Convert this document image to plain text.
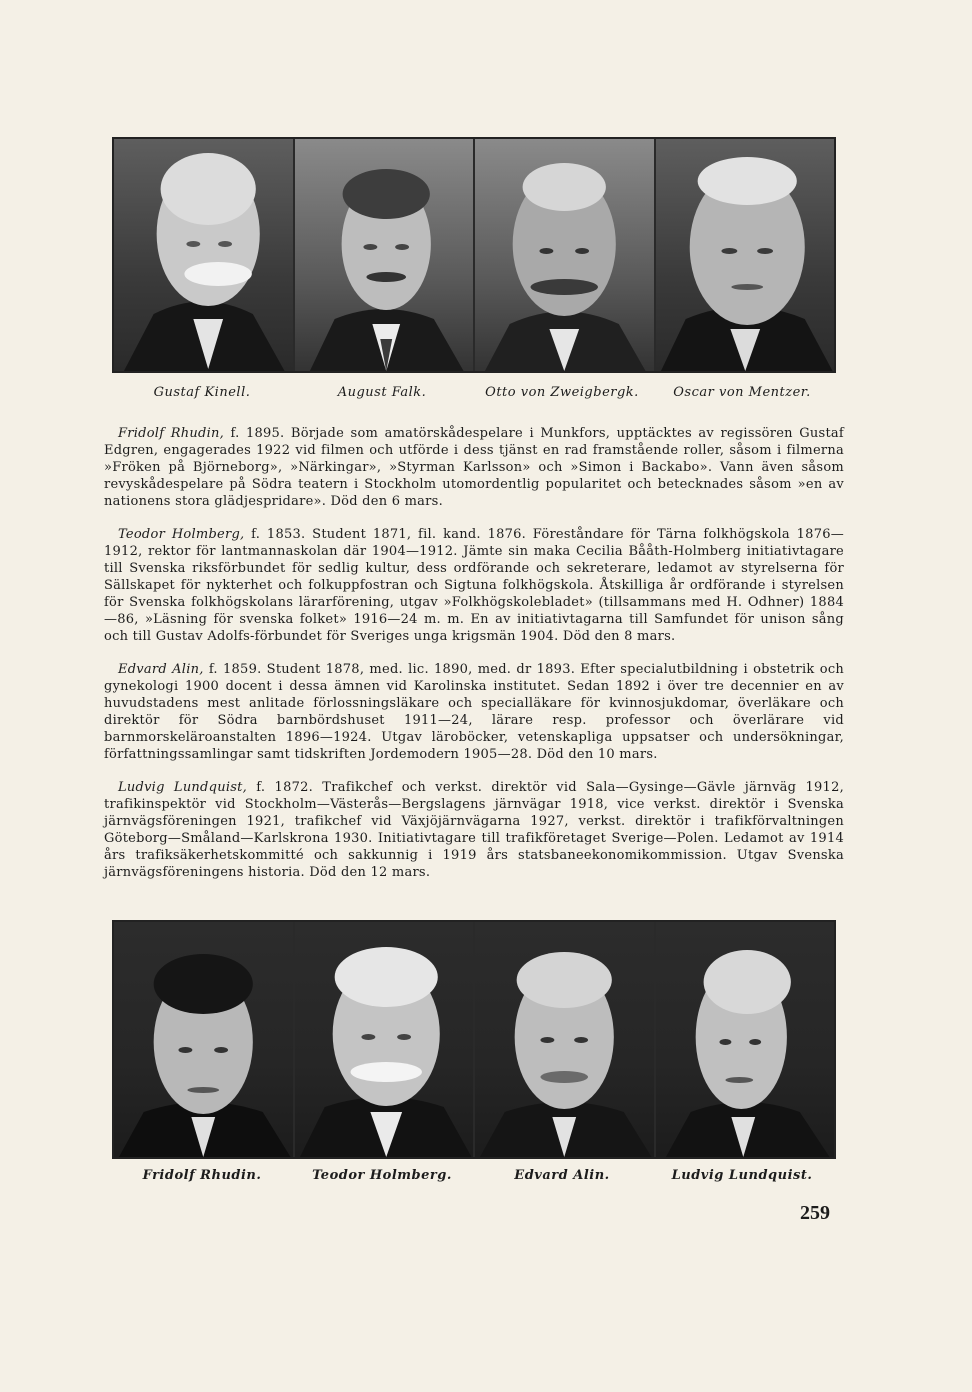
Gustaf Kinell.	August Falk.	Otto von Zweigbergk.	Oscar von Mentzer.

Fridolf Rhudin, f. 1895. Började som amatörskådespelare i Munkfors, upptäcktes av regissören Gustaf Edgren, engagerades 1922 vid filmen och utförde i dess tjänst en rad framstående roller, såsom i filmerna »Fröken på Björneborg», »Närkingar», »Styrman Karlsson» och »Simon i Backabo». Vann även såsom revyskådespelare på Södra teatern i Stockholm utomordentlig popularitet och betecknades såsom »en av nationens stora glädjespridare». Död den 6 mars.

Teodor Holmberg, f. 1853. Student 1871, fil. kand. 1876. Föreståndare för Tärna folkhögskola 1876—1912, rektor för lantmannaskolan där 1904—1912. Jämte sin maka Cecilia Bååth-Holmberg initiativtagare till Svenska riksförbundet för sedlig kultur, dess ordförande och sekreterare, ledamot av styrelserna för Sällskapet för nykterhet och folkuppfostran och Sigtuna folkhögskola. Åtskilliga år ordförande i styrelsen för Svenska folkhögskolans lärarförening, utgav »Folkhögskolebladet» (tillsammans med H. Odhner) 1884—86, »Läsning för svenska folket» 1916—24 m. m. En av initiativtagarna till Samfundet för unison sång och till Gustav Adolfs-förbundet för Sveriges unga krigsmän 1904. Död den 8 mars.

Edvard Alin, f. 1859. Student 1878, med. lic. 1890, med. dr 1893. Efter specialutbildning i obstetrik och gynekologi 1900 docent i dessa ämnen vid Karolinska institutet. Sedan 1892 i över tre decennier en av huvudstadens mest anlitade förlossningsläkare och specialläkare för kvinnosjukdomar, överläkare och direktör för Södra barnbördshuset 1911—24, lärare resp. professor och överlärare vid barnmorskeläroanstalten 1896—1924. Utgav läroböcker, vetenskapliga uppsatser och undersökningar, författningssamlingar samt tidskriften Jordemodern 1905—28. Död den 10 mars.

Ludvig Lundquist, f. 1872. Trafikchef och verkst. direktör vid Sala—Gysinge—Gävle järnväg 1912, trafikinspektör vid Stockholm—Västerås—Bergslagens järnvägar 1918, vice verkst. direktör i Svenska järnvägsföreningen 1921, trafikchef vid Växjöjärnvägarna 1927, verkst. direktör i trafikförvaltningen Göteborg—Småland—Karlskrona 1930. Initiativtagare till trafikföretaget Sverige—Polen. Ledamot av 1914 års trafiksäkerhetskommitté och sakkunnig i 1919 års statsbaneekonomikommission. Utgav Svenska järnvägsföreningens historia. Död den 12 mars.

Fridolf Rhudin.	Teodor Holmberg.	Edvard Alin.	Ludvig Lundquist.
259
